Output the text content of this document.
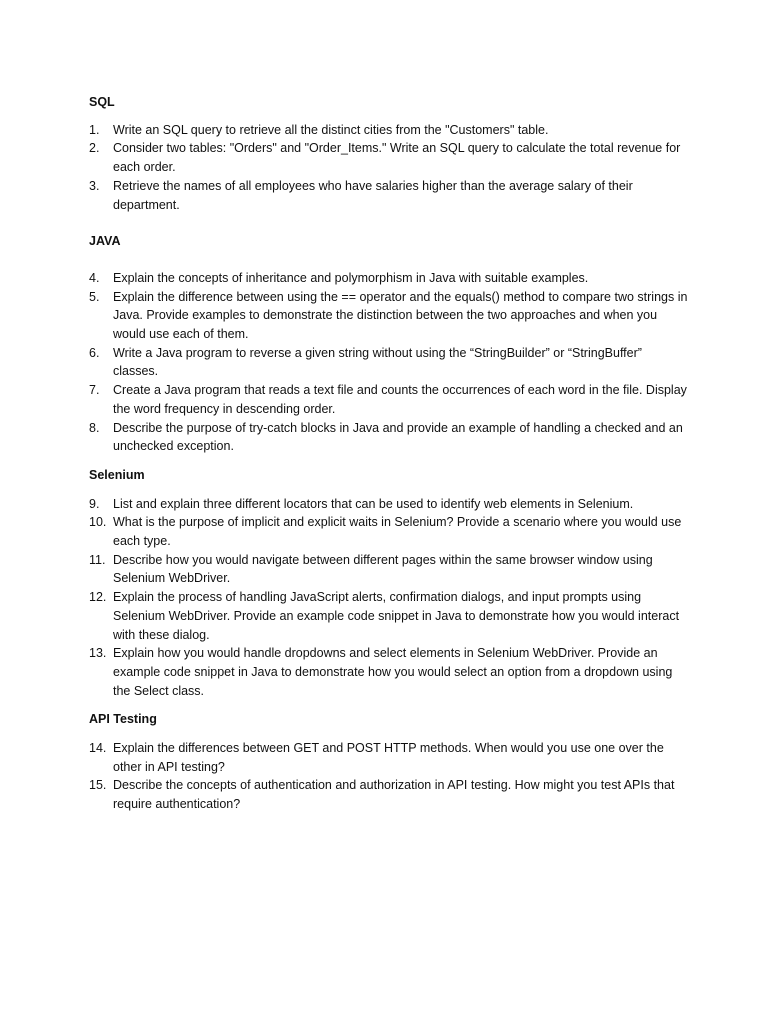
SQL
1. Write an SQL query to retrieve all the distinct cities from the "Customers" table.
2. Consider two tables: "Orders" and "Order_Items." Write an SQL query to calculate the total revenue for each order.
3. Retrieve the names of all employees who have salaries higher than the average salary of their department.
JAVA
4. Explain the concepts of inheritance and polymorphism in Java with suitable examples.
5. Explain the difference between using the == operator and the equals() method to compare two strings in Java. Provide examples to demonstrate the distinction between the two approaches and when you would use each of them.
6. Write a Java program to reverse a given string without using the “StringBuilder” or “StringBuffer” classes.
7. Create a Java program that reads a text file and counts the occurrences of each word in the file. Display the word frequency in descending order.
8. Describe the purpose of try-catch blocks in Java and provide an example of handling a checked and an unchecked exception.
Selenium
9. List and explain three different locators that can be used to identify web elements in Selenium.
10. What is the purpose of implicit and explicit waits in Selenium? Provide a scenario where you would use each type.
11. Describe how you would navigate between different pages within the same browser window using Selenium WebDriver.
12. Explain the process of handling JavaScript alerts, confirmation dialogs, and input prompts using Selenium WebDriver. Provide an example code snippet in Java to demonstrate how you would interact with these dialog.
13. Explain how you would handle dropdowns and select elements in Selenium WebDriver. Provide an example code snippet in Java to demonstrate how you would select an option from a dropdown using the Select class.
API Testing
14. Explain the differences between GET and POST HTTP methods. When would you use one over the other in API testing?
15. Describe the concepts of authentication and authorization in API testing. How might you test APIs that require authentication?
